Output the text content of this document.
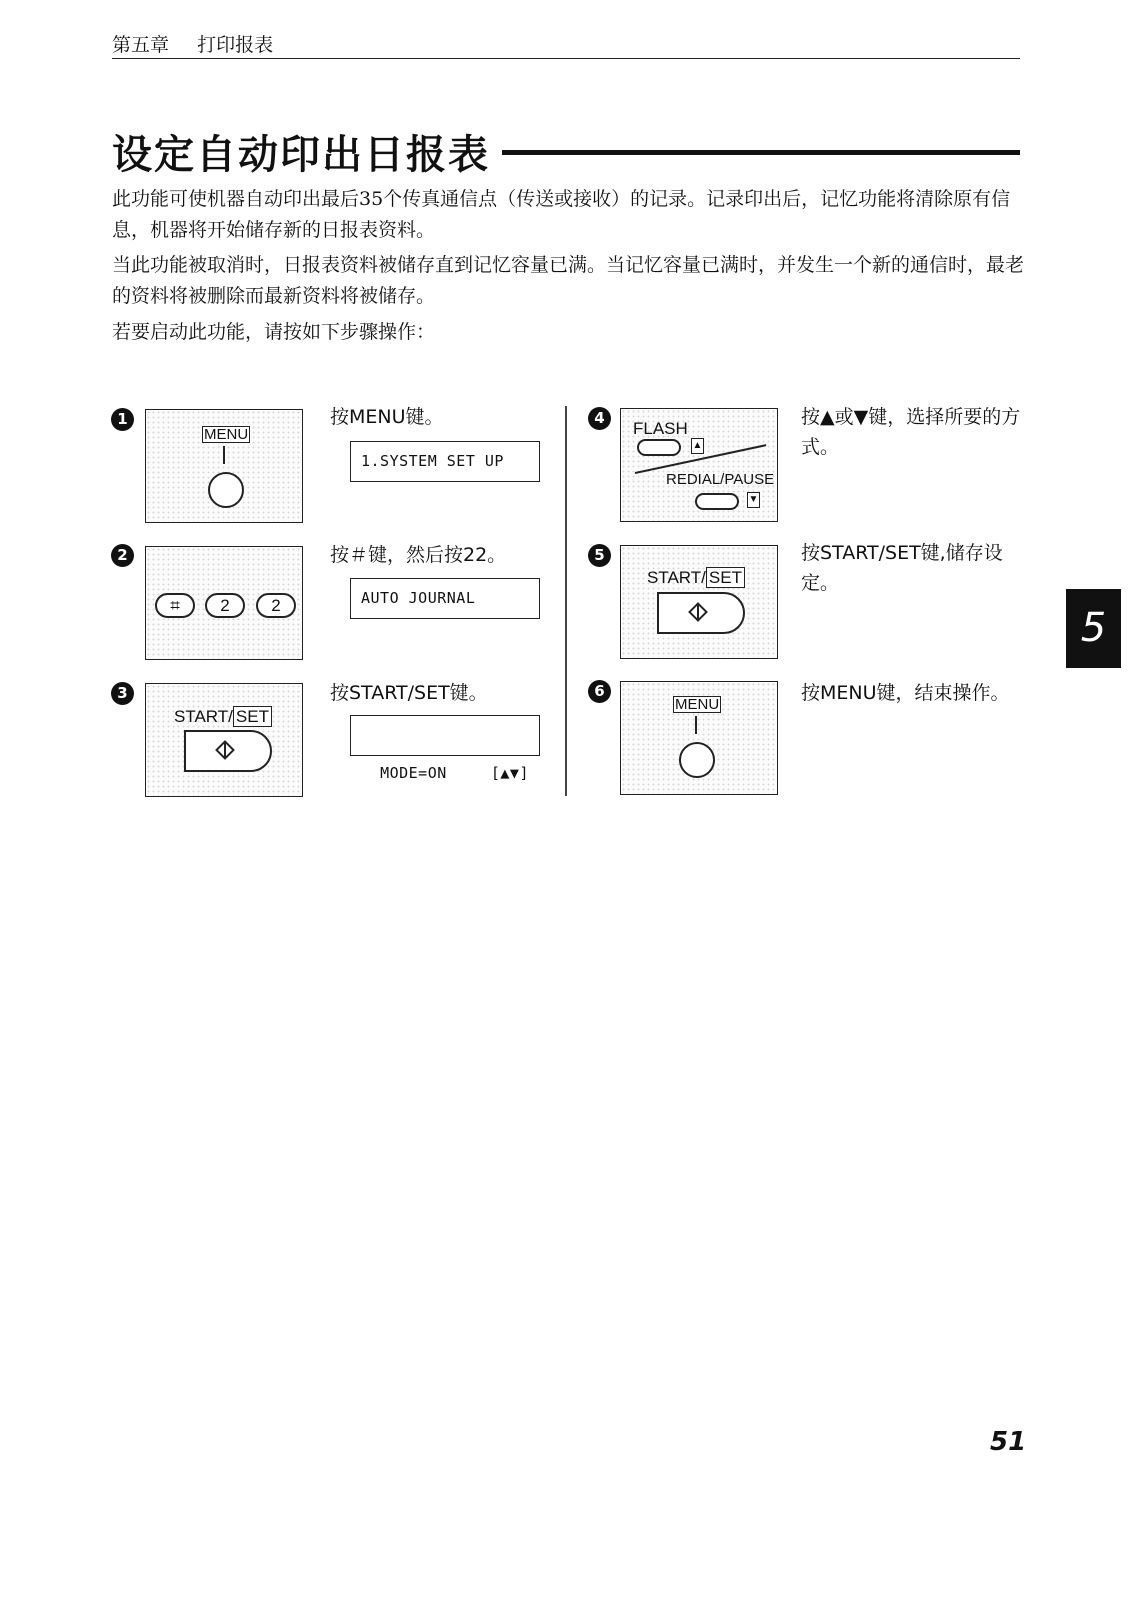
第五章 打印报表
设定自动印出日报表

此功能可使机器自动印出最后35个传真通信点（传送或接收）的记录。记录印出后，记忆功能将清除原有信息，机器将开始储存新的日报表资料。

当此功能被取消时，日报表资料被储存直到记忆容量已满。当记忆容量已满时，并发生一个新的通信时，最老的资料将被删除而最新资料将被储存。

若要启动此功能，请按如下步骤操作：

1
MENU
按MENU键。
1.SYSTEM SET UP
2
⌗	2	2
按＃键，然后按22。
AUTO JOURNAL
3
START/ SET
按START/SET键。

MODE=ON	[▲▼]

4
FLASH
▲
REDIAL/PAUSE
▼
按▲或▼键，选择所要的方式。
5
START/ SET
按START/SET键,储存设定。
6
MENU
按MENU键，结束操作。
5
51
